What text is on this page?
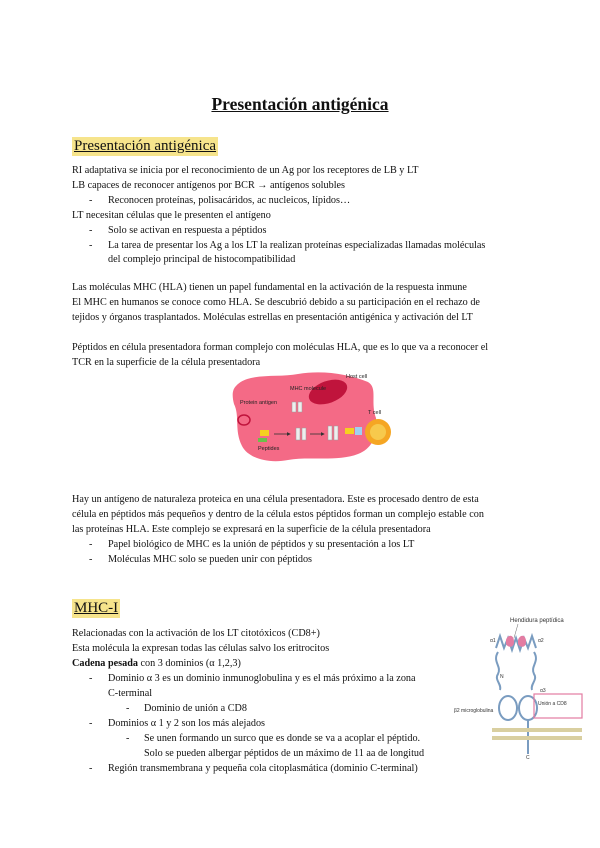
Presentación antigénica
Presentación antigénica
RI adaptativa se inicia por el reconocimiento de un Ag por los receptores de LB y LT
LB capaces de reconocer antígenos por BCR → antígenos solubles
- Reconocen proteínas, polisacáridos, ac nucleicos, lípidos…
LT necesitan células que le presenten el antígeno
- Solo se activan en respuesta a péptidos
- La tarea de presentar los Ag a los LT la realizan proteínas especializadas llamadas moléculas
del complejo principal de histocompatibilidad
Las moléculas MHC (HLA) tienen un papel fundamental en la activación de la respuesta inmune
El MHC en humanos se conoce como HLA. Se descubrió debido a su participación en el rechazo de
tejidos y órganos trasplantados. Moléculas estrellas en presentación antigénica y activación del LT
Péptidos en célula presentadora forman complejo con moléculas HLA, que es lo que va a reconocer el
TCR en la superficie de la célula presentadora
Host cell
MHC molecule
Protein antigen
Peptides
T cell
Hay un antígeno de naturaleza proteica en una célula presentadora. Este es procesado dentro de esta
célula en péptidos más pequeños y dentro de la célula estos péptidos forman un complejo estable con
las proteínas HLA. Este complejo se expresará en la superficie de la célula presentadora
- Papel biológico de MHC es la unión de péptidos y su presentación a los LT
- Moléculas MHC solo se pueden unir con péptidos
MHC-I
Relacionadas con la activación de los LT citotóxicos (CD8+)
Esta molécula la expresan todas las células salvo los eritrocitos
Cadena pesada con 3 dominios (α 1,2,3)
- Dominio α 3 es un dominio inmunoglobulina y es el más próximo a la zona
C-terminal
- Dominio de unión a CD8
- Dominios α 1 y 2 son los más alejados
- Se unen formando un surco que es donde se va a acoplar el péptido.
Solo se pueden albergar péptidos de un máximo de 11 aa de longitud
- Región transmembrana y pequeña cola citoplasmática (dominio C-terminal)
Hendidura peptídica
α1	α2
N
α3
Unión a CD8
β2 microglobulina
C
